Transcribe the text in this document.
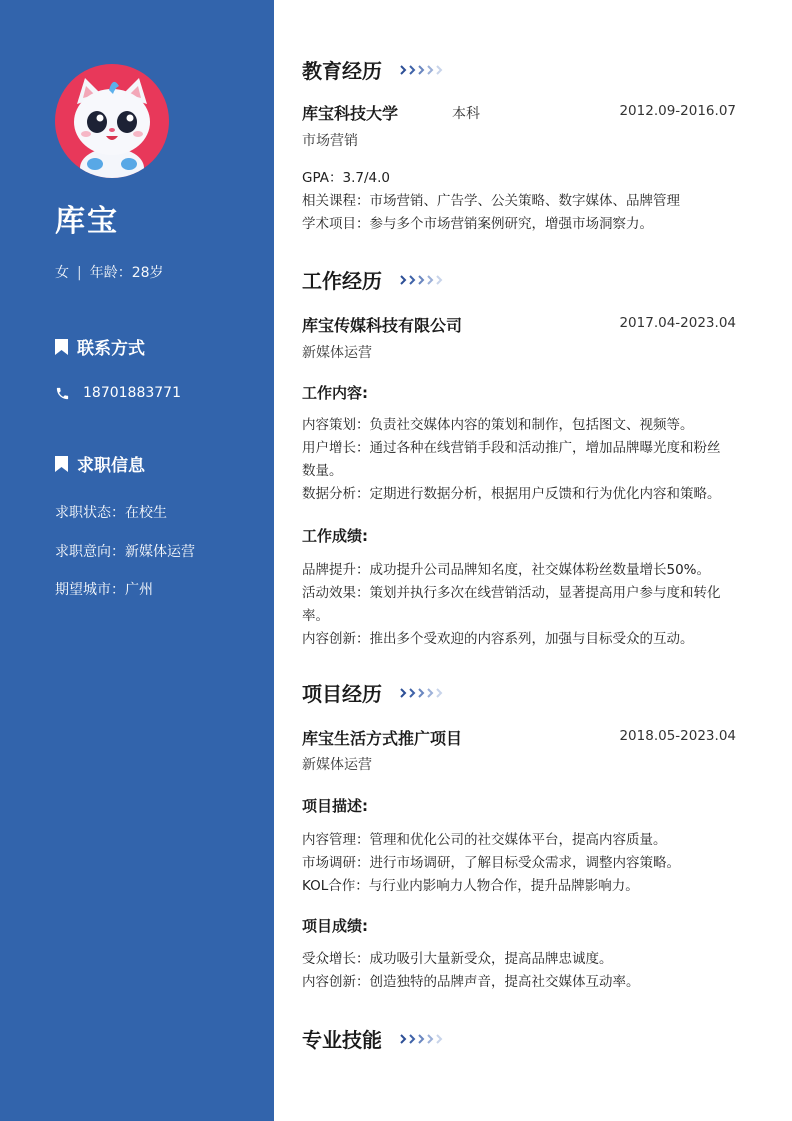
库宝
女 | 年龄：28岁
联系方式
18701883771
求职信息
求职状态：在校生
求职意向：新媒体运营
期望城市：广州
教育经历
库宝科技大学	本科	2012.09-2016.07
市场营销
GPA：3.7/4.0
相关课程：市场营销、广告学、公关策略、数字媒体、品牌管理
学术项目：参与多个市场营销案例研究，增强市场洞察力。
工作经历
库宝传媒科技有限公司	2017.04-2023.04
新媒体运营
工作内容:
内容策划：负责社交媒体内容的策划和制作，包括图文、视频等。
用户增长：通过各种在线营销手段和活动推广，增加品牌曝光度和粉丝
数量。
数据分析：定期进行数据分析，根据用户反馈和行为优化内容和策略。
工作成绩:
品牌提升：成功提升公司品牌知名度，社交媒体粉丝数量增长50%。
活动效果：策划并执行多次在线营销活动，显著提高用户参与度和转化
率。
内容创新：推出多个受欢迎的内容系列，加强与目标受众的互动。
项目经历
库宝生活方式推广项目	2018.05-2023.04
新媒体运营
项目描述:
内容管理：管理和优化公司的社交媒体平台，提高内容质量。
市场调研：进行市场调研，了解目标受众需求，调整内容策略。
KOL合作：与行业内影响力人物合作，提升品牌影响力。
项目成绩:
受众增长：成功吸引大量新受众，提高品牌忠诚度。
内容创新：创造独特的品牌声音，提高社交媒体互动率。
专业技能
